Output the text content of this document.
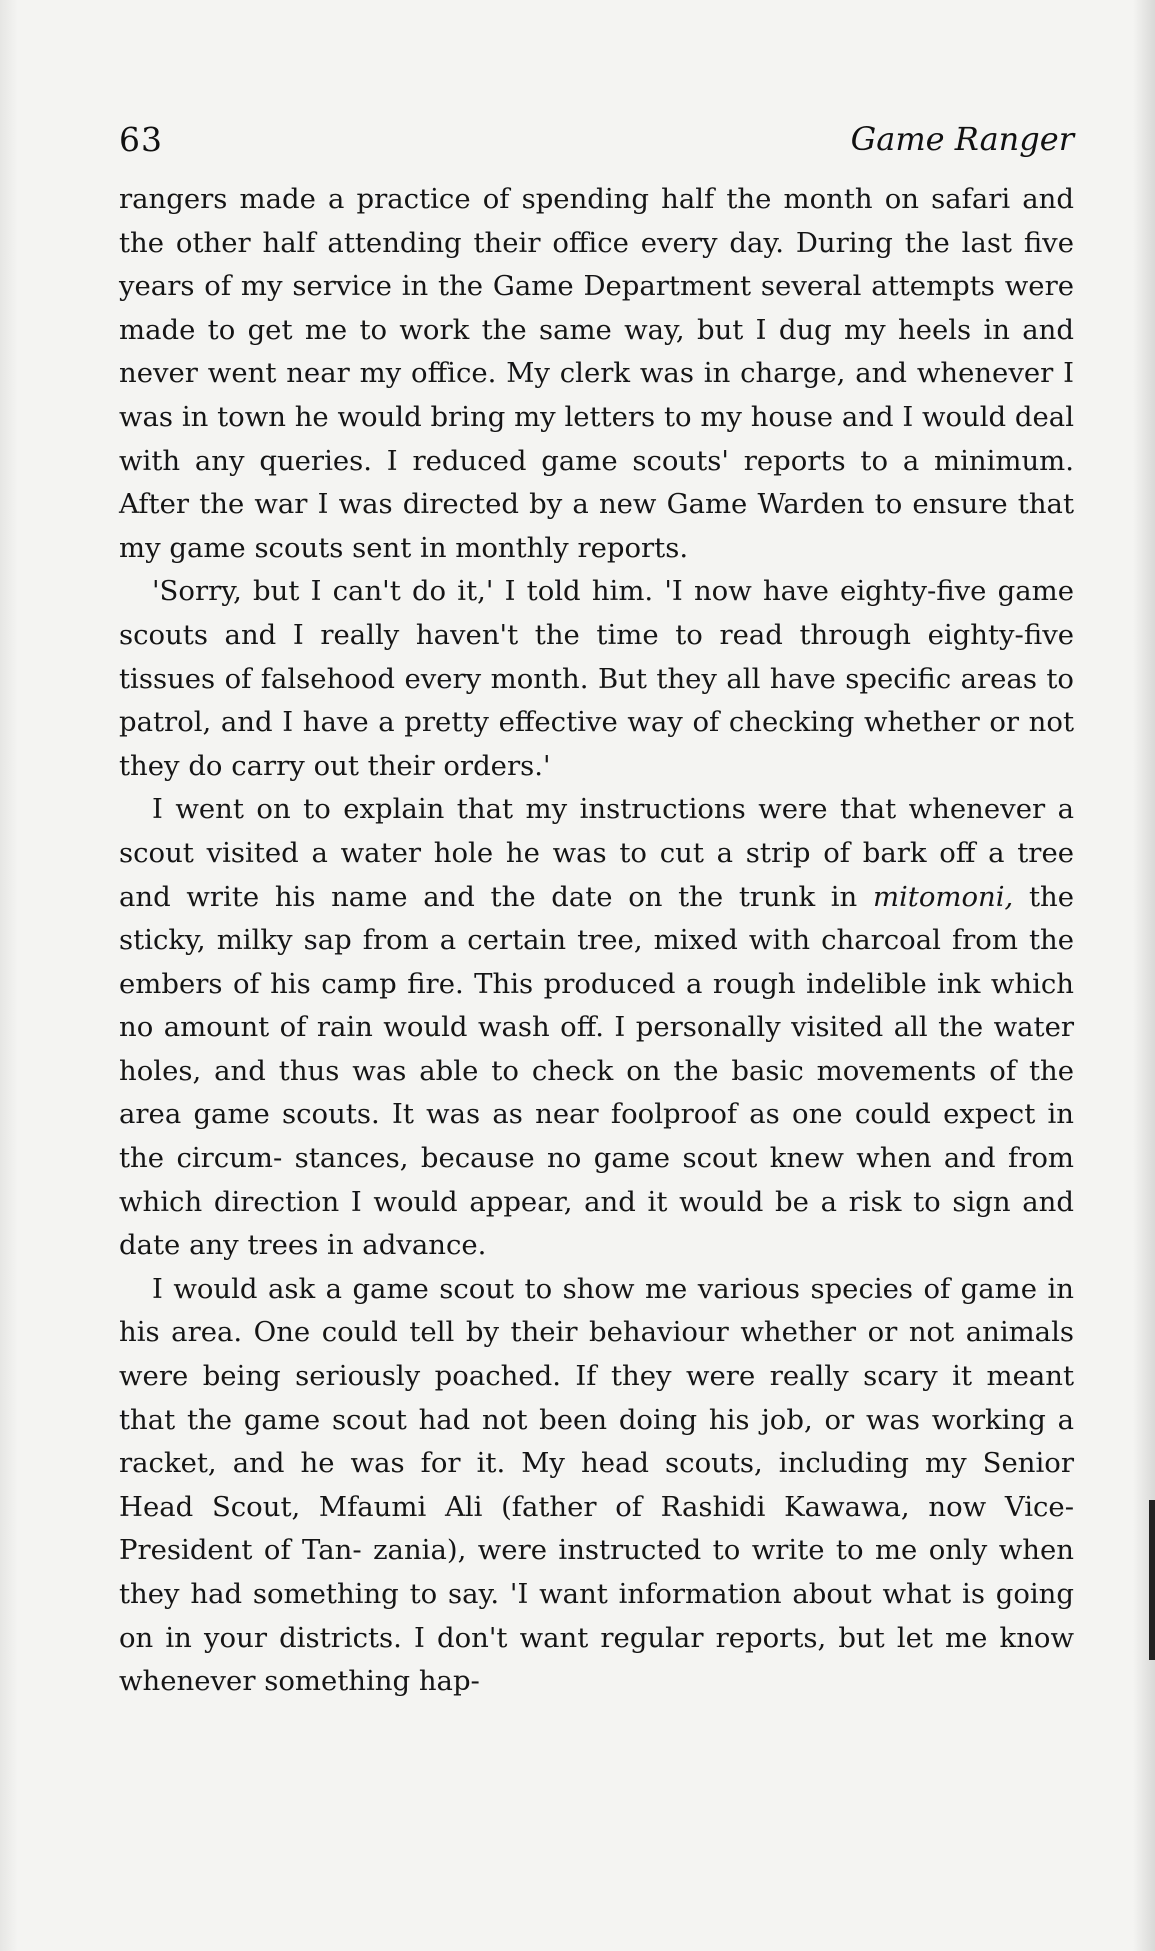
63	Game Ranger

rangers made a practice of spending half the month on safari and the other half attending their office every day. During the last five years of my service in the Game Department several attempts were made to get me to work the same way, but I dug my heels in and never went near my office. My clerk was in charge, and whenever I was in town he would bring my letters to my house and I would deal with any queries. I reduced game scouts' reports to a minimum. After the war I was directed by a new Game Warden to ensure that my game scouts sent in monthly reports.

'Sorry, but I can't do it,' I told him. 'I now have eighty-five game scouts and I really haven't the time to read through eighty-five tissues of falsehood every month. But they all have specific areas to patrol, and I have a pretty effective way of checking whether or not they do carry out their orders.'

I went on to explain that my instructions were that whenever a scout visited a water hole he was to cut a strip of bark off a tree and write his name and the date on the trunk in mitomoni, the sticky, milky sap from a certain tree, mixed with charcoal from the embers of his camp fire. This produced a rough indelible ink which no amount of rain would wash off. I personally visited all the water holes, and thus was able to check on the basic movements of the area game scouts. It was as near foolproof as one could expect in the circum- stances, because no game scout knew when and from which direction I would appear, and it would be a risk to sign and date any trees in advance.

I would ask a game scout to show me various species of game in his area. One could tell by their behaviour whether or not animals were being seriously poached. If they were really scary it meant that the game scout had not been doing his job, or was working a racket, and he was for it. My head scouts, including my Senior Head Scout, Mfaumi Ali (father of Rashidi Kawawa, now Vice-President of Tan- zania), were instructed to write to me only when they had something to say. 'I want information about what is going on in your districts. I don't want regular reports, but let me know whenever something hap-
